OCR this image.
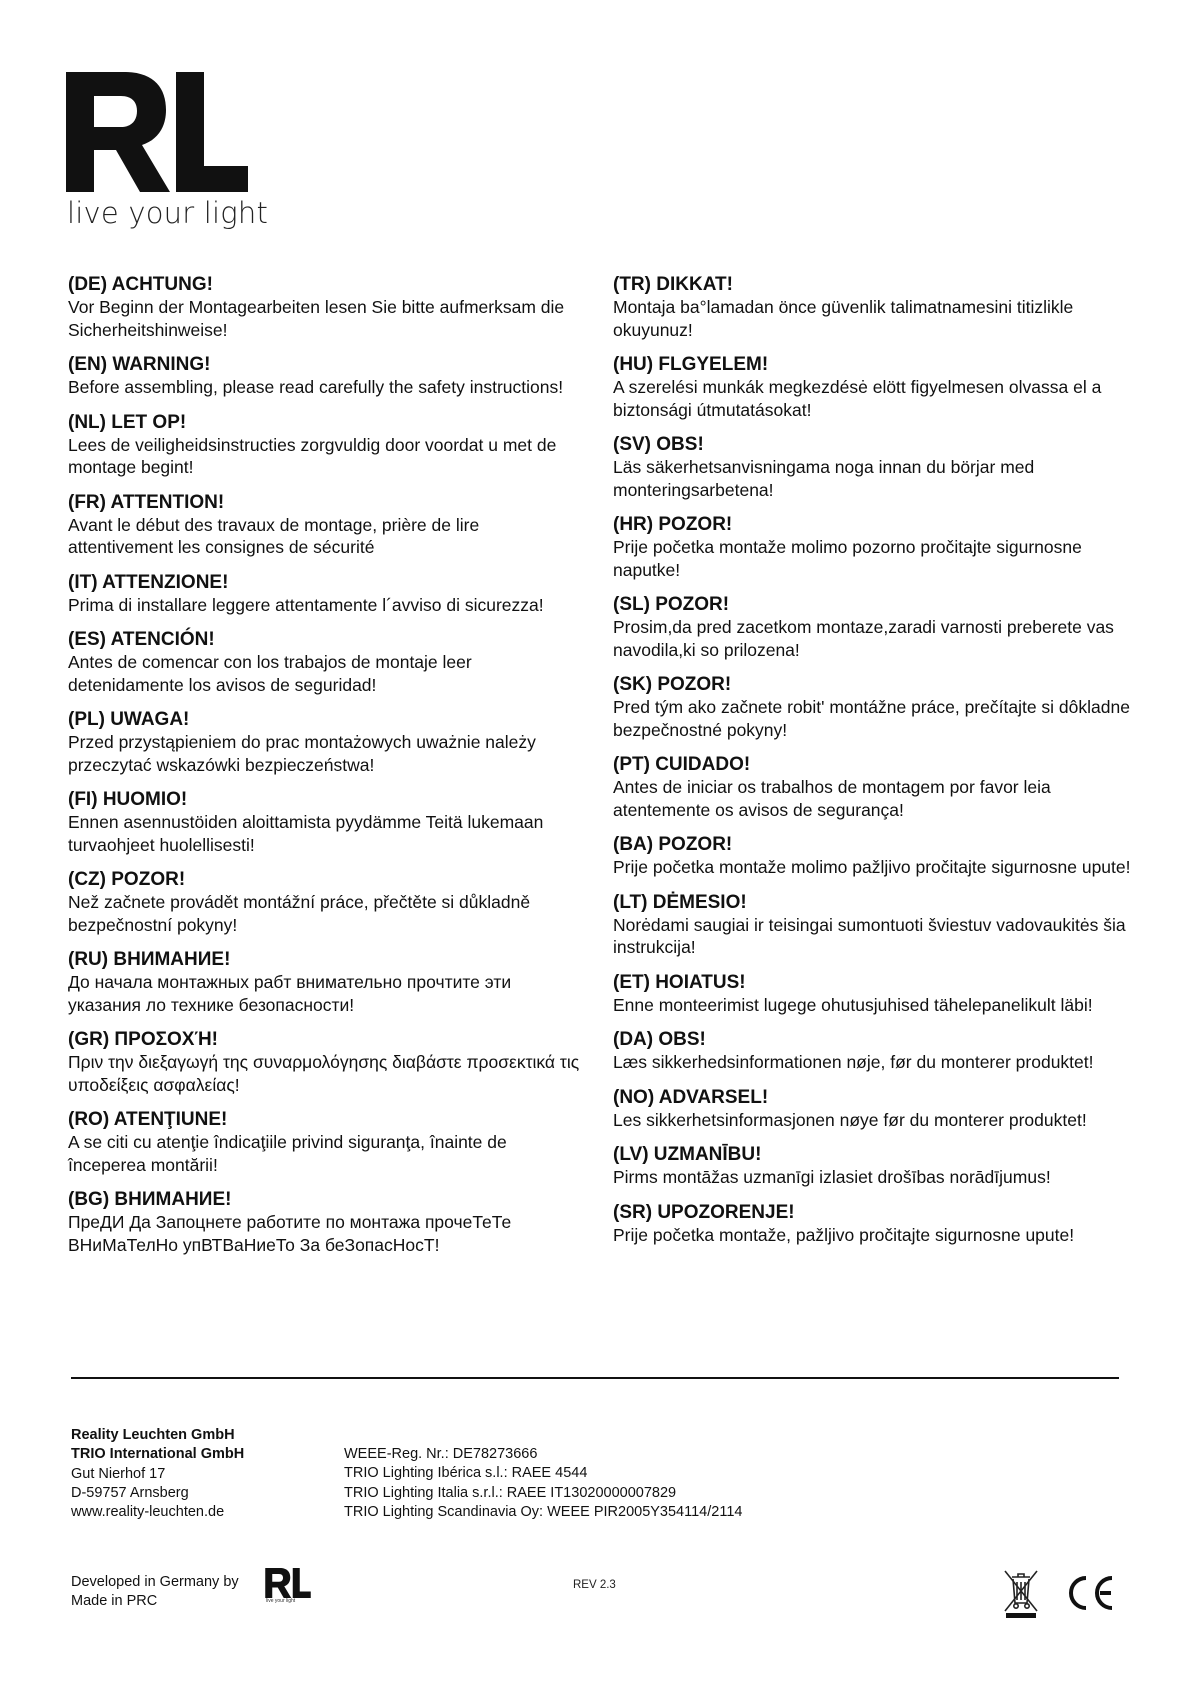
live your light
(DE) ACHTUNG!
Vor Beginn der Montagearbeiten lesen Sie bitte aufmerksam die Sicherheitshinweise!
(EN) WARNING!
Before assembling, please read carefully the safety instructions!
(NL) LET OP!
Lees de veiligheidsinstructies zorgvuldig door voordat u met de montage begint!
(FR) ATTENTION!
Avant le début des travaux de montage, prière de lire attentivement les consignes de sécurité
(IT) ATTENZIONE!
Prima di installare leggere attentamente l´avviso di sicurezza!
(ES) ATENCIÓN!
Antes de comencar con los trabajos de montaje leer detenidamente los avisos de seguridad!
(PL) UWAGA!
Przed przystąpieniem do prac montażowych uważnie należy przeczytać wskazówki bezpieczeństwa!
(FI) HUOMIO!
Ennen asennustöiden aloittamista pyydämme Teitä lukemaan turvaohjeet huolellisesti!
(CZ) POZOR!
Než začnete provádět montážní práce, přečtěte si důkladně bezpečnostní pokyny!
(RU) ВНИМАНИЕ!
До начала монтажных рабт внимательно прочтите эти указания ло технике безопасности!
(GR) ΠΡΟΣΟΧΉ!
Πριν την διεξαγωγή της συναρμολόγησης διαβάστε προσεκτικά τις υποδείξεις ασφαλείας!
(RO) ATENŢIUNE!
A se citi cu atenţie îndicaţiile privind siguranţa, înainte de începerea montării!
(BG) ВНИМАНИЕ!
ПреДИ Да Запоцнете работите по монтажа прочеТеТе ВНиМаТелНо упВТВаНиеТо За беЗопасНосТ!
(TR) DIKKAT!
Montaja ba°lamadan önce güvenlik talimatnamesini titizlikle okuyunuz!
(HU) FLGYELEM!
A szerelési munkák megkezdésė elött figyelmesen olvassa el a biztonsági útmutatásokat!
(SV) OBS!
Läs säkerhetsanvisningama noga innan du börjar med monteringsarbetena!
(HR) POZOR!
Prije početka montaže molimo pozorno pročitajte sigurnosne naputke!
(SL) POZOR!
Prosim,da pred zacetkom montaze,zaradi varnosti preberete vas navodila,ki so prilozena!
(SK) POZOR!
Pred tým ako začnete robit' montážne práce, prečítajte si dôkladne bezpečnostné pokyny!
(PT) CUIDADO!
Antes de iniciar os trabalhos de montagem por favor leia atentemente os avisos de segurança!
(BA) POZOR!
Prije početka montaže molimo pažljivo pročitajte sigurnosne upute!
(LT) DĖMESIO!
Norėdami saugiai ir teisingai sumontuoti šviestuv vadovaukitės šia instrukcija!
(ET) HOIATUS!
Enne monteerimist lugege ohutusjuhised tähelepanelikult läbi!
(DA) OBS!
Læs sikkerhedsinformationen nøje, før du monterer produktet!
(NO) ADVARSEL!
Les sikkerhetsinformasjonen nøye før du monterer produktet!
(LV) UZMANĪBU!
Pirms montāžas uzmanīgi izlasiet drošības norādījumus!
(SR) UPOZORENJE!
Prije početka montaže, pažljivo pročitajte sigurnosne upute!
Reality Leuchten GmbH
TRIO International GmbH
Gut Nierhof 17
D-59757 Arnsberg
www.reality-leuchten.de
WEEE-Reg. Nr.: DE78273666
TRIO Lighting Ibérica s.l.: RAEE 4544
TRIO Lighting Italia s.r.l.: RAEE IT13020000007829
TRIO Lighting Scandinavia Oy: WEEE PIR2005Y354114/2114
Developed in Germany by
Made in PRC	live your light
REV 2.3
